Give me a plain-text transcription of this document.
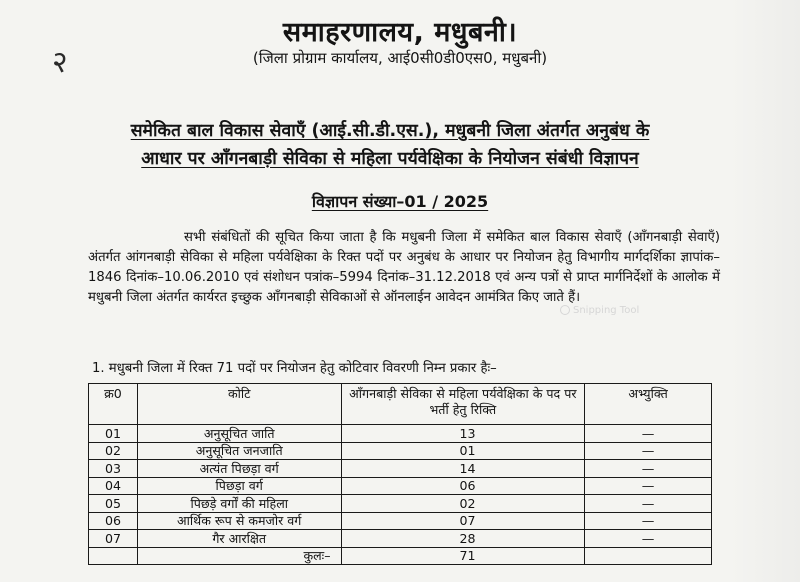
२
समाहरणालय, मधुबनी।
(जिला प्रोग्राम कार्यालय, आई0सी0डी0एस0, मधुबनी)
समेकित बाल विकास सेवाएँ (आई.सी.डी.एस.), मधुबनी जिला अंतर्गत अनुबंध के
आधार पर आँगनबाड़ी सेविका से महिला पर्यवेक्षिका के नियोजन संबंधी विज्ञापन
विज्ञापन संख्या–01 / 2025
सभी संबंधितों की सूचित किया जाता है कि मधुबनी जिला में समेकित बाल विकास सेवाएँ (आँगनबाड़ी सेवाएँ) अंतर्गत आंगनबाड़ी सेविका से महिला पर्यवेक्षिका के रिक्त पदों पर अनुबंध के आधार पर नियोजन हेतु विभागीय मार्गदर्शिका ज्ञापांक–1846 दिनांक–10.06.2010 एवं संशोधन पत्रांक–5994 दिनांक–31.12.2018 एवं अन्य पत्रों से प्राप्त मार्गनिर्देशों के आलोक में मधुबनी जिला अंतर्गत कार्यरत इच्छुक आँगनबाड़ी सेविकाओं से ऑनलाईन आवेदन आमंत्रित किए जाते हैं।
Snipping Tool
1. मधुबनी जिला में रिक्त 71 पदों पर नियोजन हेतु कोटिवार विवरणी निम्न प्रकार हैः–
क्र0	कोटि	आँगनबाड़ी सेविका से महिला पर्यवेक्षिका के पद पर भर्ती हेतु रिक्ति	अभ्युक्ति
01	अनुसूचित जाति	13	—
02	अनुसूचित जनजाति	01	—
03	अत्यंत पिछड़ा वर्ग	14	—
04	पिछड़ा वर्ग	06	—
05	पिछड़े वर्गों की महिला	02	—
06	आर्थिक रूप से कमजोर वर्ग	07	—
07	गैर आरक्षित	28	—
	कुलः–	71	
